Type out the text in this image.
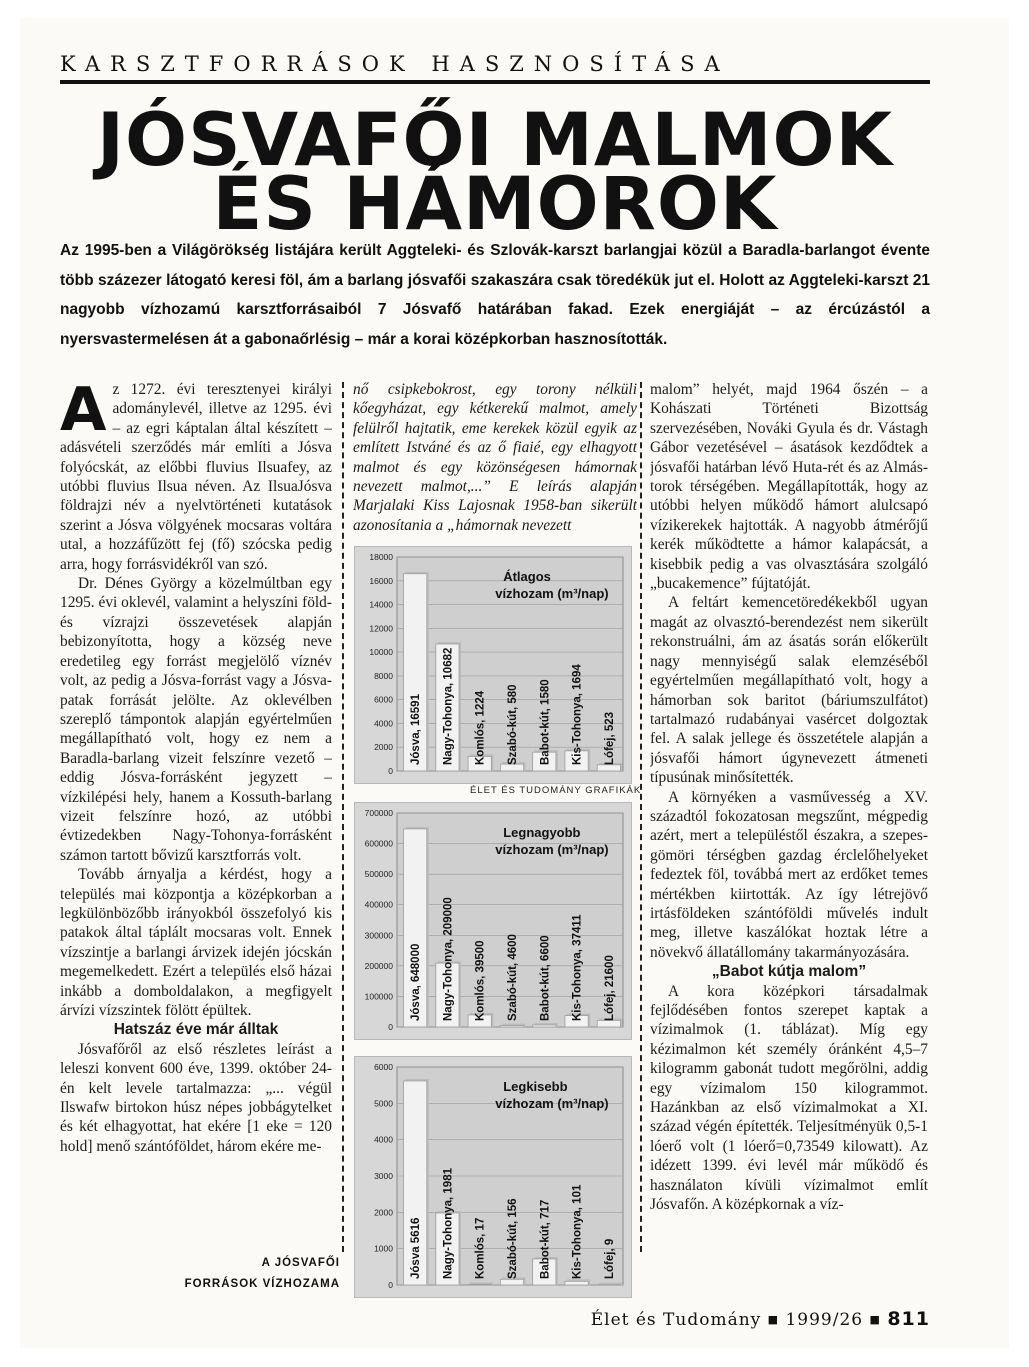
KARSZTFORRÁSOK HASZNOSÍTÁSA
JÓSVAFŐI MALMOK
ÉS HÁMOROK
Az 1995-ben a Világörökség listájára került Aggteleki- és Szlovák-karszt barlangjai közül a Baradla-barlangot évente több százezer látogató keresi föl, ám a barlang jósvafői szakaszára csak töredékük jut el. Holott az Aggteleki-karszt 21 nagyobb vízhozamú karsztforrásaiból 7 Jósvafő határában fakad. Ezek energiáját – az ércúzástól a nyersvastermelésen át a gabonaőrlésig – már a korai középkorban hasznosították.

Az 1272. évi teresztenyei királyi adománylevél, illetve az 1295. évi – az egri káptalan által készített – adásvételi szerződés már említi a Jósva folyócskát, az előbbi fluvius Ilsuafey, az utóbbi fluvius Ilsua néven. Az IlsuaJósva földrajzi név a nyelvtörténeti kutatások szerint a Jósva völgyének mocsaras voltára utal, a hozzáfűzött fej (fő) szócska pedig arra, hogy forrásvidékről van szó.

Dr. Dénes György a közelmúltban egy 1295. évi oklevél, valamint a helyszíni föld- és vízrajzi összevetések alapján bebizonyította, hogy a község neve eredetileg egy forrást megjelölő víznév volt, az pedig a Jósva-forrást vagy a Jósva-patak forrását jelölte. Az oklevélben szereplő támpontok alapján egyértelműen megállapítható volt, hogy ez nem a Baradla-barlang vizeit felszínre vezető – eddig Jósva-forrásként jegyzett – vízkilépési hely, hanem a Kossuth-barlang vizeit felszínre hozó, az utóbbi évtizedekben Nagy-Tohonya-forrásként számon tartott bővizű karsztforrás volt.

Tovább árnyalja a kérdést, hogy a település mai központja a középkorban a legkülönbözőbb irányokból összefolyó kis patakok által táplált mocsaras volt. Ennek vízszintje a barlangi árvizek idején jócskán megemelkedett. Ezért a település első házai inkább a domboldalakon, a megfigyelt árvízi vízszintek fölött épültek.

Hatszáz éve már álltak

Jósvafőről az első részletes leírást a leleszi konvent 600 éve, 1399. október 24-én kelt levele tartalmazza: „... végül Ilswafw birtokon húsz népes jobbágytelket és két elhagyottat, hat ekére [1 eke = 120 hold] menő szántóföldet, három ekére me-

A JÓSVAFŐI
FORRÁSOK VÍZHOZAMA

nő csipkebokrost, egy torony nélküli kőegyházat, egy kétkerekű malmot, amely felülről hajtatik, eme kerekek közül egyik az említett Istváné és az ő fiaié, egy elhagyott malmot és egy közönségesen hámornak nevezett malmot,...” E leírás alapján Marjalaki Kiss Lajosnak 1958-ban sikerült azonosítania a „hámornak nevezett

0
2000
4000
6000
8000
10000
12000
14000
16000
18000
Jósva, 16591 Nagy-Tohonya, 10682 Komlós, 1224 Szabó-kút, 580 Babot-kút, 1580 Kis-Tohonya, 1694 Lófej, 523
Átlagos
vízhozam (m³/nap)
ÉLET ÉS TUDOMÁNY GRAFIKÁK
0
100000
200000
300000
400000
500000
600000
700000
Jósva, 648000 Nagy-Tohonya, 209000 Komlós, 39500 Szabó-kút, 4600 Babot-kút, 6600 Kis-Tohonya, 37411 Lófej, 21600
Legnagyobb
vízhozam (m³/nap)
0
1000
2000
3000
4000
5000
6000
Jósva 5616 Nagy-Tohonya, 1981 Komlós, 17 Szabó-kút, 156 Babot-kút, 717 Kis-Tohonya, 101 Lófej, 9
Legkisebb
vízhozam (m³/nap)

malom” helyét, majd 1964 őszén – a Kohászati Történeti Bizottság szervezésében, Nováki Gyula és dr. Vástagh Gábor vezetésével – ásatások kezdődtek a jósvafői határban lévő Huta-rét és az Almás-torok térségében. Megállapították, hogy az utóbbi helyen működő hámort alulcsapó vízikerekek hajtották. A nagyobb átmérőjű kerék működtette a hámor kalapácsát, a kisebbik pedig a vas olvasztására szolgáló „bucakemence” fújtatóját.

A feltárt kemencetöredékekből ugyan magát az olvasztó-berendezést nem sikerült rekonstruálni, ám az ásatás során előkerült nagy mennyiségű salak elemzéséből egyértelműen megállapítható volt, hogy a hámorban sok baritot (báriumszulfátot) tartalmazó rudabányai vasércet dolgoztak fel. A salak jellege és összetétele alapján a jósvafői hámort úgynevezett átmeneti típusúnak minősítették.

A környéken a vasművesség a XV. századtól fokozatosan megszűnt, mégpedig azért, mert a településtől északra, a szepes-gömöri térségben gazdag érclelőhelyeket fedeztek föl, továbbá mert az erdőket temes mértékben kiirtották. Az így létrejövő irtásföldeken szántóföldi művelés indult meg, illetve kaszálókat hoztak létre a növekvő állatállomány takarmányozására.

„Babot kútja malom”

A kora középkori társadalmak fejlődésében fontos szerepet kaptak a vízimalmok (1. táblázat). Míg egy kézimalmon két személy óránként 4,5–7 kilogramm gabonát tudott megőrölni, addig egy vízimalom 150 kilogrammot. Hazánkban az első vízimalmokat a XI. század végén építették. Teljesítményük 0,5-1 lóerő volt (1 lóerő=0,73549 kilowatt). Az idézett 1399. évi levél már működő és használaton kívüli vízimalmot említ Jósvafőn. A középkornak a víz-

Élet és Tudomány ■ 1999/26 ■ 811
